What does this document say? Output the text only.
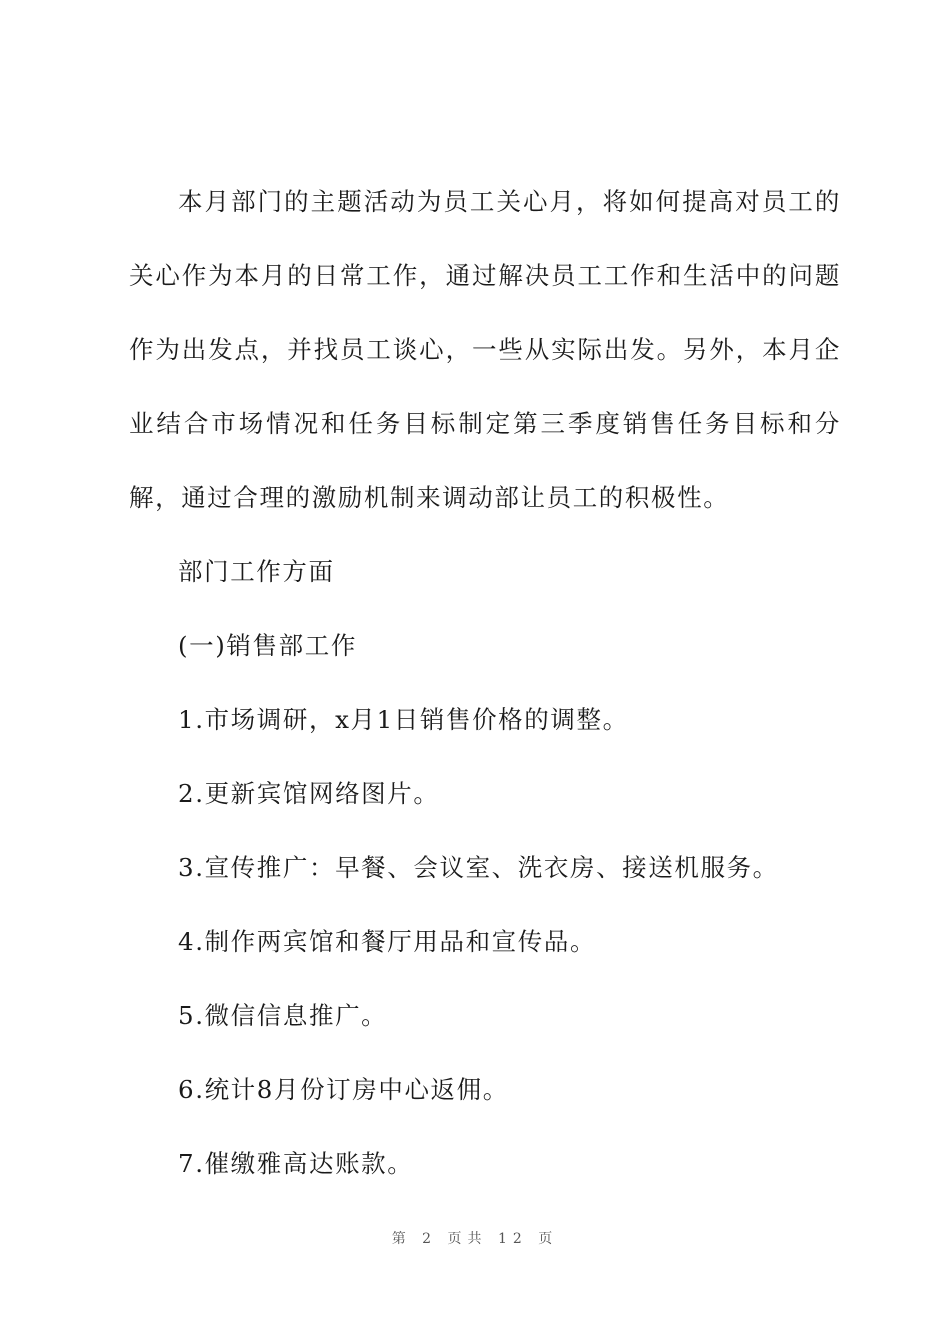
本月部门的主题活动为员工关心月，将如何提高对员工的关心作为本月的日常工作，通过解决员工工作和生活中的问题作为出发点，并找员工谈心，一些从实际出发。另外，本月企业结合市场情况和任务目标制定第三季度销售任务目标和分解，通过合理的激励机制来调动部让员工的积极性。

部门工作方面

(一)销售部工作

1.市场调研，x月1日销售价格的调整。

2.更新宾馆网络图片。

3.宣传推广：早餐、会议室、洗衣房、接送机服务。

4.制作两宾馆和餐厅用品和宣传品。

5.微信信息推广。

6.统计8月份订房中心返佣。

7.催缴雅高达账款。

第 2 页共 12 页
